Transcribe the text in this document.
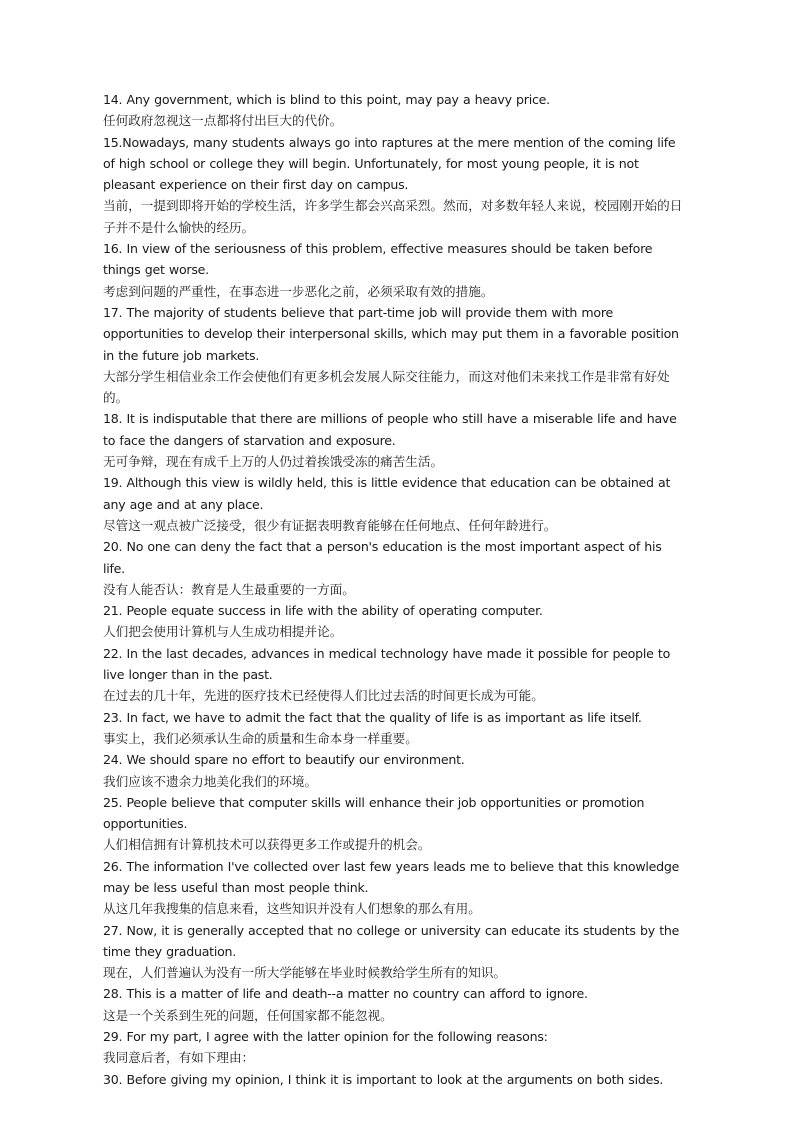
14. Any government, which is blind to this point, may pay a heavy price.

任何政府忽视这一点都将付出巨大的代价。

15.Nowadays, many students always go into raptures at the mere mention of the coming life of high school or college they will begin. Unfortunately, for most young people, it is not pleasant experience on their first day on campus.

当前，一提到即将开始的学校生活，许多学生都会兴高采烈。然而，对多数年轻人来说，校园刚开始的日子并不是什么愉快的经历。

16. In view of the seriousness of this problem, effective measures should be taken before things get worse.

考虑到问题的严重性，在事态进一步恶化之前，必须采取有效的措施。

17. The majority of students believe that part-time job will provide them with more opportunities to develop their interpersonal skills, which may put them in a favorable position in the future job markets.

大部分学生相信业余工作会使他们有更多机会发展人际交往能力，而这对他们未来找工作是非常有好处的。

18. It is indisputable that there are millions of people who still have a miserable life and have to face the dangers of starvation and exposure.

无可争辩，现在有成千上万的人仍过着挨饿受冻的痛苦生活。

19. Although this view is wildly held, this is little evidence that education can be obtained at any age and at any place.

尽管这一观点被广泛接受，很少有证据表明教育能够在任何地点、任何年龄进行。

20. No one can deny the fact that a person's education is the most important aspect of his life.

没有人能否认：教育是人生最重要的一方面。

21. People equate success in life with the ability of operating computer.

人们把会使用计算机与人生成功相提并论。

22. In the last decades, advances in medical technology have made it possible for people to live longer than in the past.

在过去的几十年，先进的医疗技术已经使得人们比过去活的时间更长成为可能。

23. In fact, we have to admit the fact that the quality of life is as important as life itself.

事实上，我们必须承认生命的质量和生命本身一样重要。

24. We should spare no effort to beautify our environment.

我们应该不遗余力地美化我们的环境。

25. People believe that computer skills will enhance their job opportunities or promotion opportunities.

人们相信拥有计算机技术可以获得更多工作或提升的机会。

26. The information I've collected over last few years leads me to believe that this knowledge may be less useful than most people think.

从这几年我搜集的信息来看，这些知识并没有人们想象的那么有用。

27. Now, it is generally accepted that no college or university can educate its students by the time they graduation.

现在，人们普遍认为没有一所大学能够在毕业时候教给学生所有的知识。

28. This is a matter of life and death--a matter no country can afford to ignore.

这是一个关系到生死的问题，任何国家都不能忽视。

29. For my part, I agree with the latter opinion for the following reasons:

我同意后者，有如下理由：

30. Before giving my opinion, I think it is important to look at the arguments on both sides.
